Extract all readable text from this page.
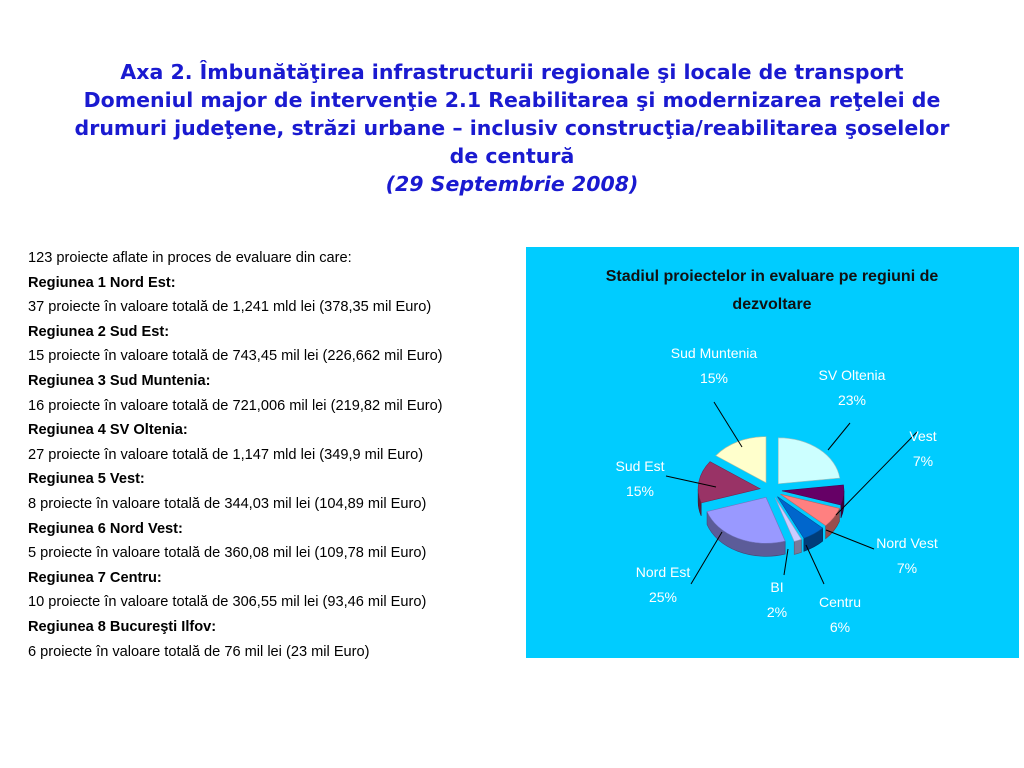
Axa 2. Îmbunătăţirea infrastructurii regionale şi locale de transport
Domeniul major de intervenţie 2.1 Reabilitarea şi modernizarea reţelei de
drumuri judeţene, străzi urbane – inclusiv construcţia/reabilitarea şoselelor
de centură
(29 Septembrie 2008)
123 proiecte aflate in proces de evaluare din care:
Regiunea 1 Nord Est:
37 proiecte în valoare totală de 1,241 mld lei (378,35 mil Euro)
Regiunea 2 Sud Est:
15 proiecte în valoare totală de 743,45 mil lei (226,662 mil Euro)
Regiunea 3 Sud Muntenia:
16 proiecte în valoare totală de 721,006 mil lei (219,82 mil Euro)
Regiunea 4 SV Oltenia:
27 proiecte în valoare totală de 1,147 mld lei (349,9 mil Euro)
Regiunea 5 Vest:
8 proiecte în valoare totală de 344,03 mil lei (104,89 mil Euro)
Regiunea 6 Nord Vest:
5 proiecte în valoare totală de 360,08 mil lei (109,78 mil Euro)
Regiunea 7 Centru:
10 proiecte în valoare totală de 306,55 mil lei (93,46 mil Euro)
Regiunea 8 Bucureşti Ilfov:
6 proiecte în valoare totală de 76 mil lei (23 mil Euro)
Stadiul proiectelor in evaluare pe regiuni de
dezvoltare
SV Oltenia
23%
Vest
7%
Nord Vest
7%
Centru
6%
BI
2%
Nord Est
25%
Sud Est
15%
Sud Muntenia
15%
